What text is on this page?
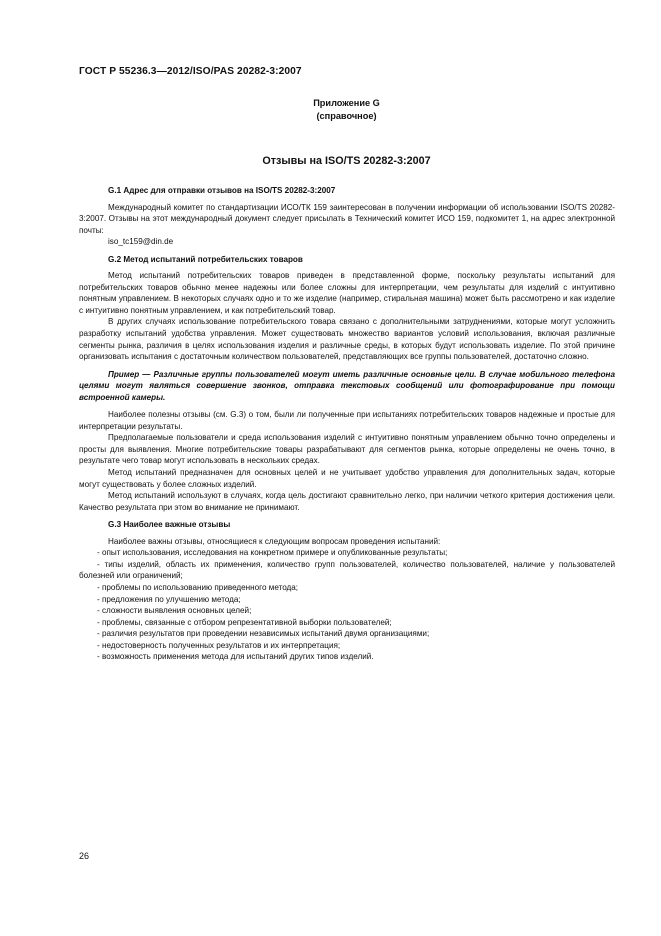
ГОСТ Р 55236.3—2012/ISO/PAS 20282-3:2007
Приложение G
(справочное)
Отзывы на ISO/TS 20282-3:2007

G.1 Адрес для отправки отзывов на ISO/TS 20282-3:2007

Международный комитет по стандартизации ИСО/ТК 159 заинтересован в получении информации об использовании ISO/TS 20282-3:2007. Отзывы на этот международный документ следует присылать в Технический комитет ИСО 159, подкомитет 1, на адрес электронной почты:

iso_tc159@din.de

G.2 Метод испытаний потребительских товаров

Метод испытаний потребительских товаров приведен в представленной форме, поскольку результаты испытаний для потребительских товаров обычно менее надежны или более сложны для интерпретации, чем результаты для изделий с интуитивно понятным управлением. В некоторых случаях одно и то же изделие (например, стиральная машина) может быть рассмотрено и как изделие с интуитивно понятным управлением, и как потребительский товар.

В других случаях использование потребительского товара связано с дополнительными затруднениями, которые могут усложнить разработку испытаний удобства управления. Может существовать множество вариантов условий использования, включая различные сегменты рынка, различия в целях использования изделия и различные среды, в которых будут использовать изделие. По этой причине организовать испытания с достаточным количеством пользователей, представляющих все группы пользователей, достаточно сложно.

Пример — Различные группы пользователей могут иметь различные основные цели. В случае мобильного телефона целями могут являться совершение звонков, отправка текстовых сообщений или фотографирование при помощи встроенной камеры.

Наиболее полезны отзывы (см. G.3) о том, были ли полученные при испытаниях потребительских товаров надежные и простые для интерпретации результаты.

Предполагаемые пользователи и среда использования изделий с интуитивно понятным управлением обычно точно определены и просты для выявления. Многие потребительские товары разрабатывают для сегментов рынка, которые определены не очень точно, в результате чего товар могут использовать в нескольких средах.

Метод испытаний предназначен для основных целей и не учитывает удобство управления для дополнительных задач, которые могут существовать у более сложных изделий.

Метод испытаний используют в случаях, когда цель достигают сравнительно легко, при наличии четкого критерия достижения цели. Качество результата при этом во внимание не принимают.

G.3 Наиболее важные отзывы

Наиболее важны отзывы, относящиеся к следующим вопросам проведения испытаний:

- опыт использования, исследования на конкретном примере и опубликованные результаты;
- типы изделий, область их применения, количество групп пользователей, количество пользователей, наличие у пользователей болезней или ограничений;
- проблемы по использованию приведенного метода;
- предложения по улучшению метода;
- сложности выявления основных целей;
- проблемы, связанные с отбором репрезентативной выборки пользователей;
- различия результатов при проведении независимых испытаний двумя организациями;
- недостоверность полученных результатов и их интерпретация;
- возможность применения метода для испытаний других типов изделий.
26
